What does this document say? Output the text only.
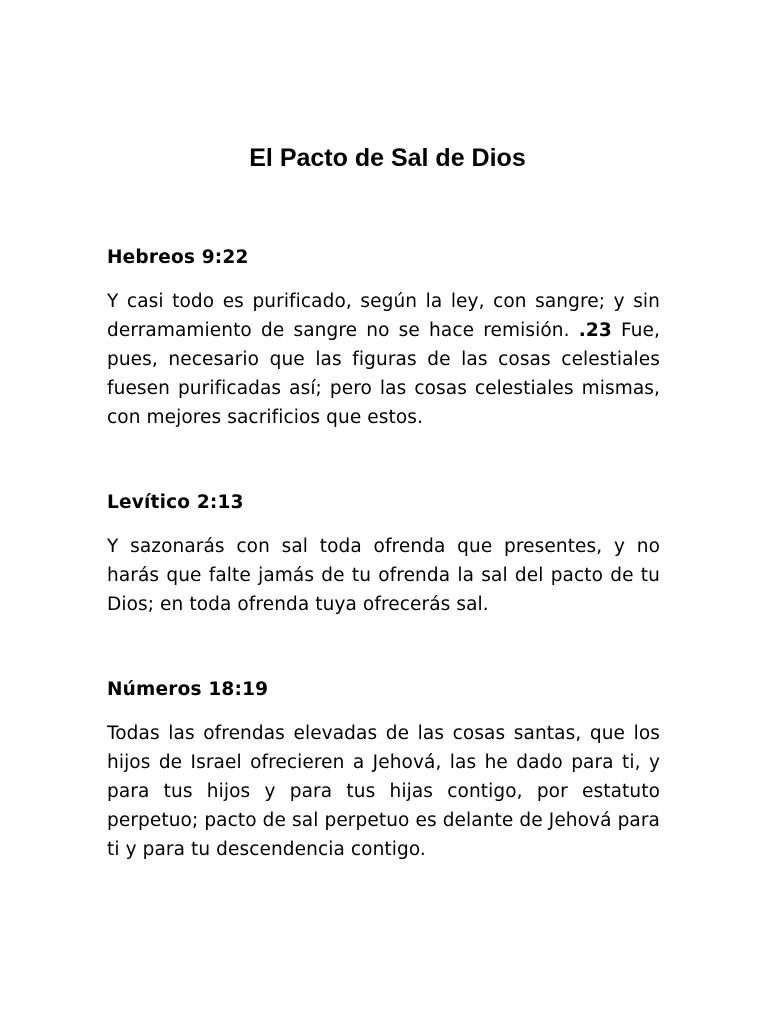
El Pacto de Sal de Dios
Hebreos 9:22

Y casi todo es purificado, según la ley, con sangre; y sin derramamiento de sangre no se hace remisión. .23 Fue, pues, necesario que las figuras de las cosas celestiales fuesen purificadas así; pero las cosas celestiales mismas, con mejores sacrificios que estos.

Levítico 2:13

Y sazonarás con sal toda ofrenda que presentes, y no harás que falte jamás de tu ofrenda la sal del pacto de tu Dios; en toda ofrenda tuya ofrecerás sal.

Números 18:19

Todas las ofrendas elevadas de las cosas santas, que los hijos de Israel ofrecieren a Jehová, las he dado para ti, y para tus hijos y para tus hijas contigo, por estatuto perpetuo; pacto de sal perpetuo es delante de Jehová para ti y para tu descendencia contigo.
